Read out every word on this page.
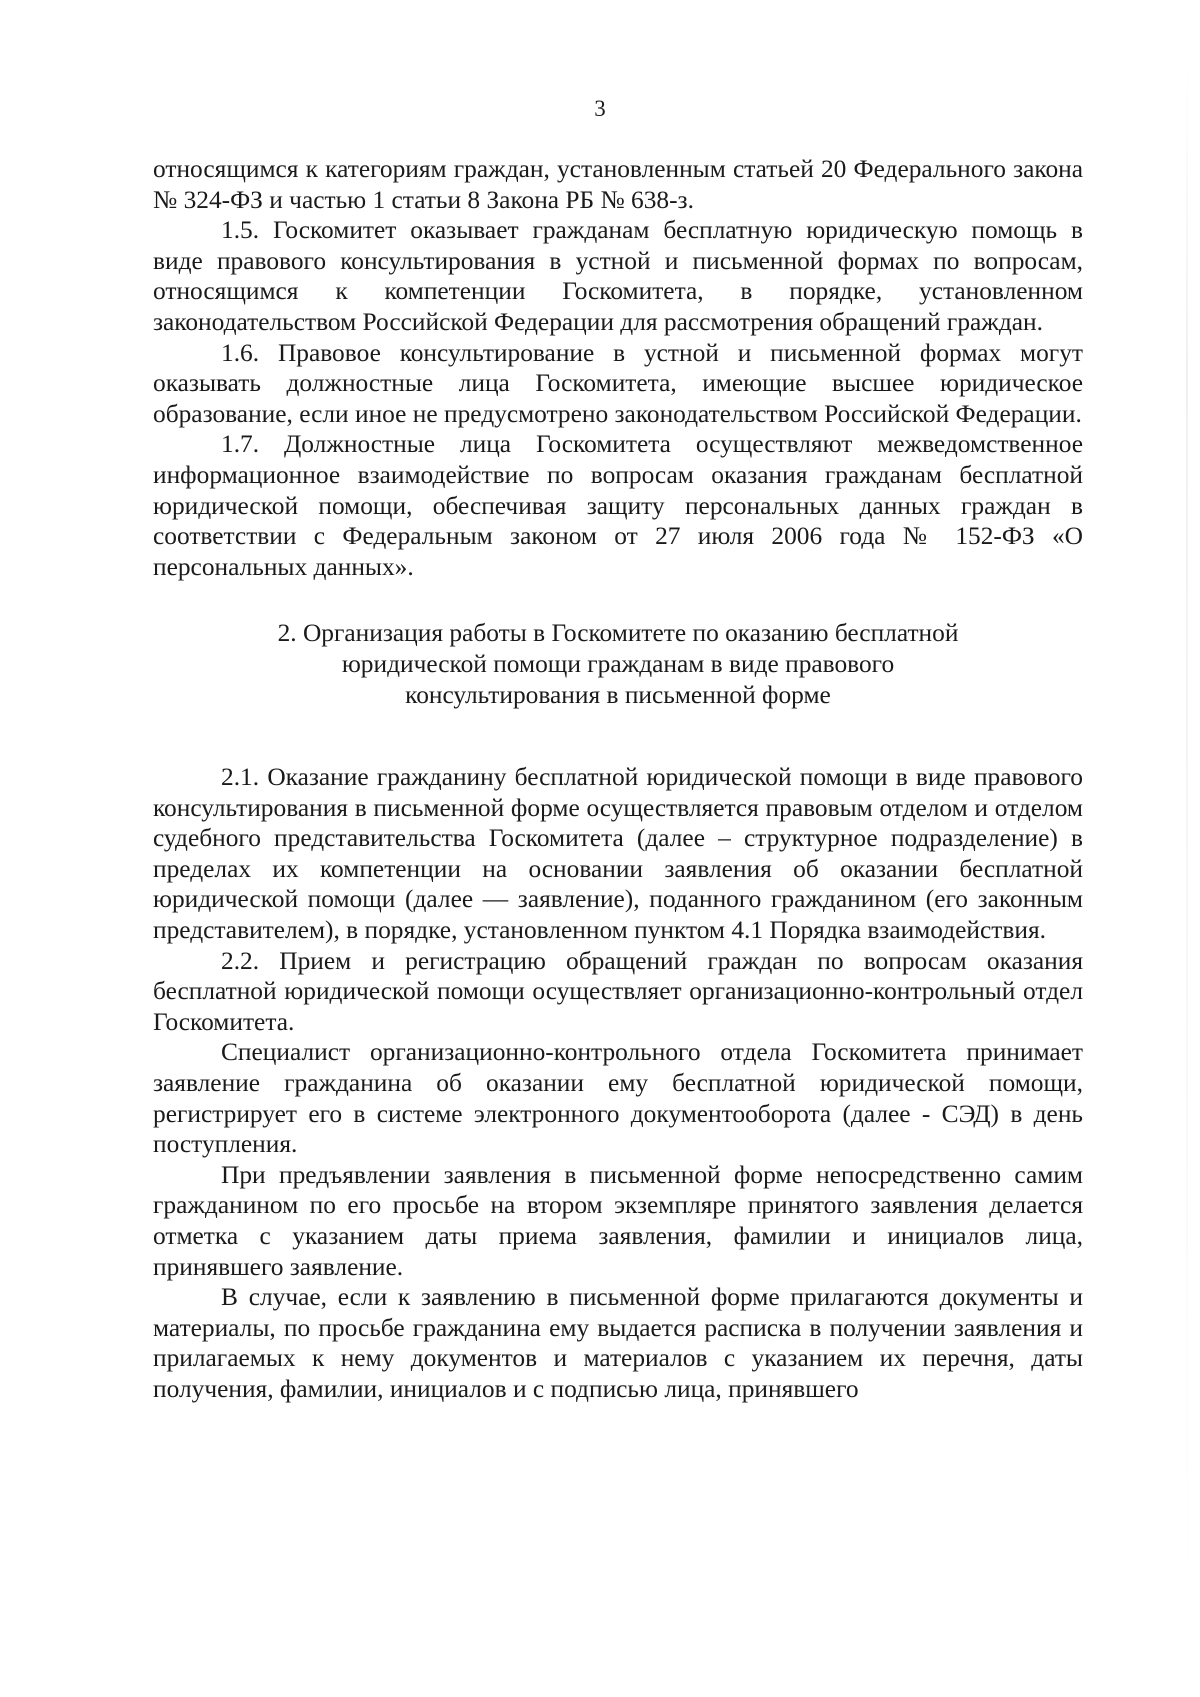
3

относящимся к категориям граждан, установленным статьей 20 Федерального закона № 324-ФЗ и частью 1 статьи 8 Закона РБ № 638-з.

1.5. Госкомитет оказывает гражданам бесплатную юридическую помощь в виде правового консультирования в устной и письменной формах по вопросам, относящимся к компетенции Госкомитета, в порядке, установленном законодательством Российской Федерации для рассмотрения обращений граждан.

1.6. Правовое консультирование в устной и письменной формах могут оказывать должностные лица Госкомитета, имеющие высшее юридическое образование, если иное не предусмотрено законодательством Российской Федерации.

1.7. Должностные лица Госкомитета осуществляют межведомственное информационное взаимодействие по вопросам оказания гражданам бесплатной юридической помощи, обеспечивая защиту персональных данных граждан в соответствии с Федеральным законом от 27 июля 2006 года № 152-ФЗ «О персональных данных».

2. Организация работы в Госкомитете по оказанию бесплатной
юридической помощи гражданам в виде правового
консультирования в письменной форме

2.1. Оказание гражданину бесплатной юридической помощи в виде правового консультирования в письменной форме осуществляется правовым отделом и отделом судебного представительства Госкомитета (далее – структурное подразделение) в пределах их компетенции на основании заявления об оказании бесплатной юридической помощи (далее — заявление), поданного гражданином (его законным представителем), в порядке, установленном пунктом 4.1 Порядка взаимодействия.

2.2. Прием и регистрацию обращений граждан по вопросам оказания бесплатной юридической помощи осуществляет организационно-контрольный отдел Госкомитета.

Специалист организационно-контрольного отдела Госкомитета принимает заявление гражданина об оказании ему бесплатной юридической помощи, регистрирует его в системе электронного документооборота (далее - СЭД) в день поступления.

При предъявлении заявления в письменной форме непосредственно самим гражданином по его просьбе на втором экземпляре принятого заявления делается отметка с указанием даты приема заявления, фамилии и инициалов лица, принявшего заявление.

В случае, если к заявлению в письменной форме прилагаются документы и материалы, по просьбе гражданина ему выдается расписка в получении заявления и прилагаемых к нему документов и материалов с указанием их перечня, даты получения, фамилии, инициалов и с подписью лица, принявшего
